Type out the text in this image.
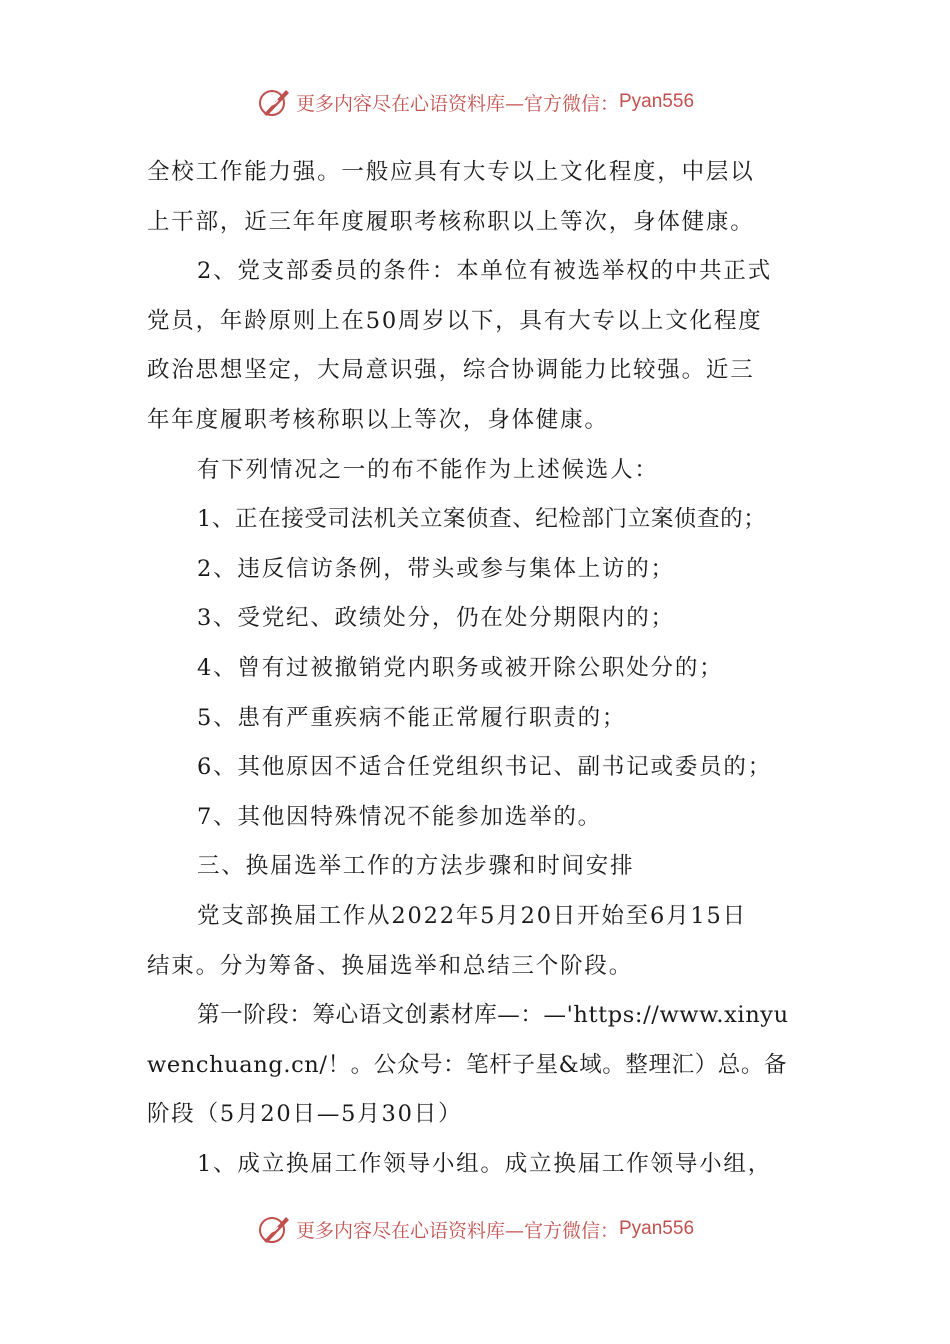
更多内容尽在心语资料库—官方微信： Pyan556
全校工作能力强。一般应具有大专以上文化程度，中层以
上干部，近三年年度履职考核称职以上等次，身体健康。
2、党支部委员的条件：本单位有被选举权的中共正式
党员，年龄原则上在50周岁以下，具有大专以上文化程度
政治思想坚定，大局意识强，综合协调能力比较强。近三
年年度履职考核称职以上等次，身体健康。
有下列情况之一的布不能作为上述候选人：
1、正在接受司法机关立案侦查、纪检部门立案侦查的；
2、违反信访条例，带头或参与集体上访的；
3、受党纪、政绩处分，仍在处分期限内的；
4、曾有过被撤销党内职务或被开除公职处分的；
5、患有严重疾病不能正常履行职责的；
6、其他原因不适合任党组织书记、副书记或委员的；
7、其他因特殊情况不能参加选举的。
三、换届选举工作的方法步骤和时间安排
党支部换届工作从2022年5月20日开始至6月15日
结束。分为筹备、换届选举和总结三个阶段。
第一阶段：筹心语文创素材库—：—'https://www.xinyu
wenchuang.cn/！。公众号：笔杆子星&域。整理汇）总。备
阶段（5月20日—5月30日）
1、成立换届工作领导小组。成立换届工作领导小组，
更多内容尽在心语资料库—官方微信： Pyan556
